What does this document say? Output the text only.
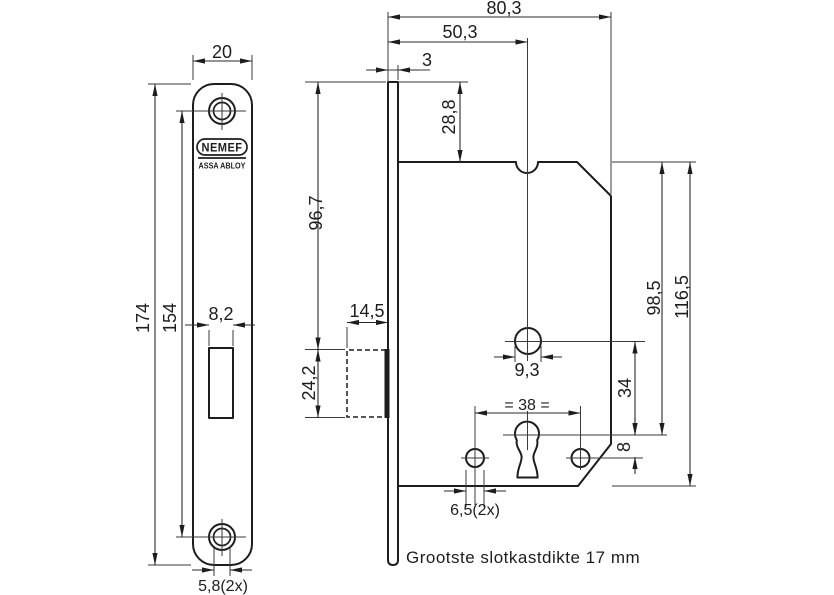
NEMEF
ASSA ABLOY
20
174 154 8,2
5,8(2x)
80,3
50,3
3
28,8
96,7
24,2
14,5
9,3
= 38 =
6,5(2x)
34
8
98,5 116,5
Grootste slotkastdikte 17 mm
